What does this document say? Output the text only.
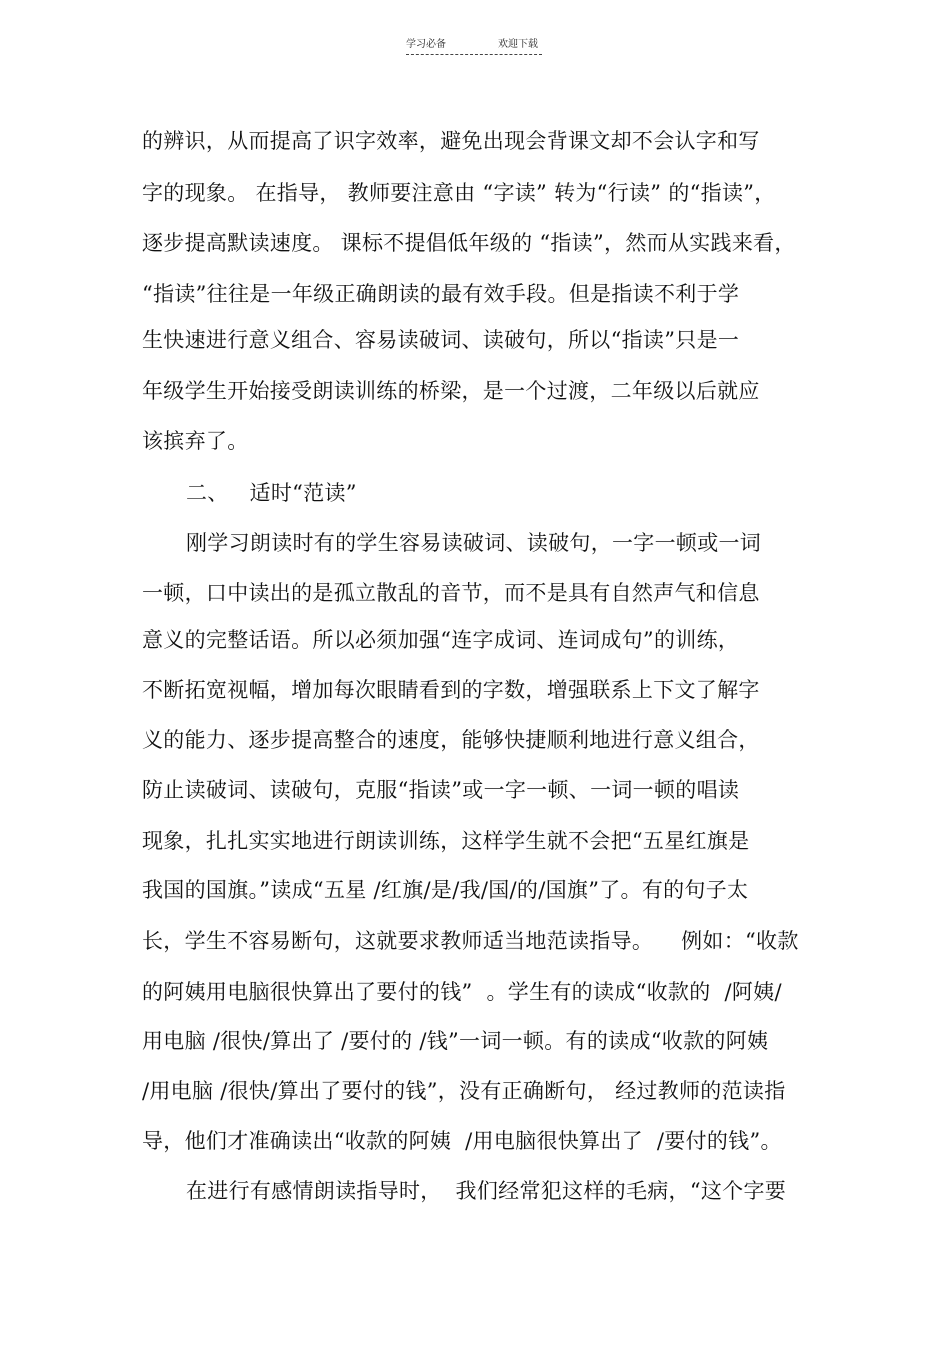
学习必备	欢迎下载
的辨识，从而提高了识字效率，避免出现会背课文却不会认字和写
字的现象。 在指导， 教师要注意由 “字读” 转为“行读” 的“指读”，
逐步提高默读速度。 课标不提倡低年级的 “指读”，然而从实践来看，
“指读”往往是一年级正确朗读的最有效手段。但是指读不利于学
生快速进行意义组合、容易读破词、读破句，所以“指读”只是一
年级学生开始接受朗读训练的桥梁，是一个过渡，二年级以后就应
该摈弃了。
二、   适时“范读”
刚学习朗读时有的学生容易读破词、读破句，一字一顿或一词
一顿，口中读出的是孤立散乱的音节，而不是具有自然声气和信息
意义的完整话语。所以必须加强“连字成词、连词成句”的训练，
不断拓宽视幅，增加每次眼睛看到的字数，增强联系上下文了解字
义的能力、逐步提高整合的速度，能够快捷顺利地进行意义组合，
防止读破词、读破句，克服“指读”或一字一顿、一词一顿的唱读
现象，扎扎实实地进行朗读训练，这样学生就不会把“五星红旗是
我国的国旗。”读成“五星 /红旗/是/我/国/的/国旗”了。有的句子太
长，学生不容易断句，这就要求教师适当地范读指导。    例如：“收款
的阿姨用电脑很快算出了要付的钱”  。学生有的读成“收款的  /阿姨/
用电脑 /很快/算出了 /要付的 /钱”一词一顿。有的读成“收款的阿姨
/用电脑 /很快/算出了要付的钱”，没有正确断句， 经过教师的范读指
导，他们才准确读出“收款的阿姨  /用电脑很快算出了  /要付的钱”。
在进行有感情朗读指导时，  我们经常犯这样的毛病，“这个字要
